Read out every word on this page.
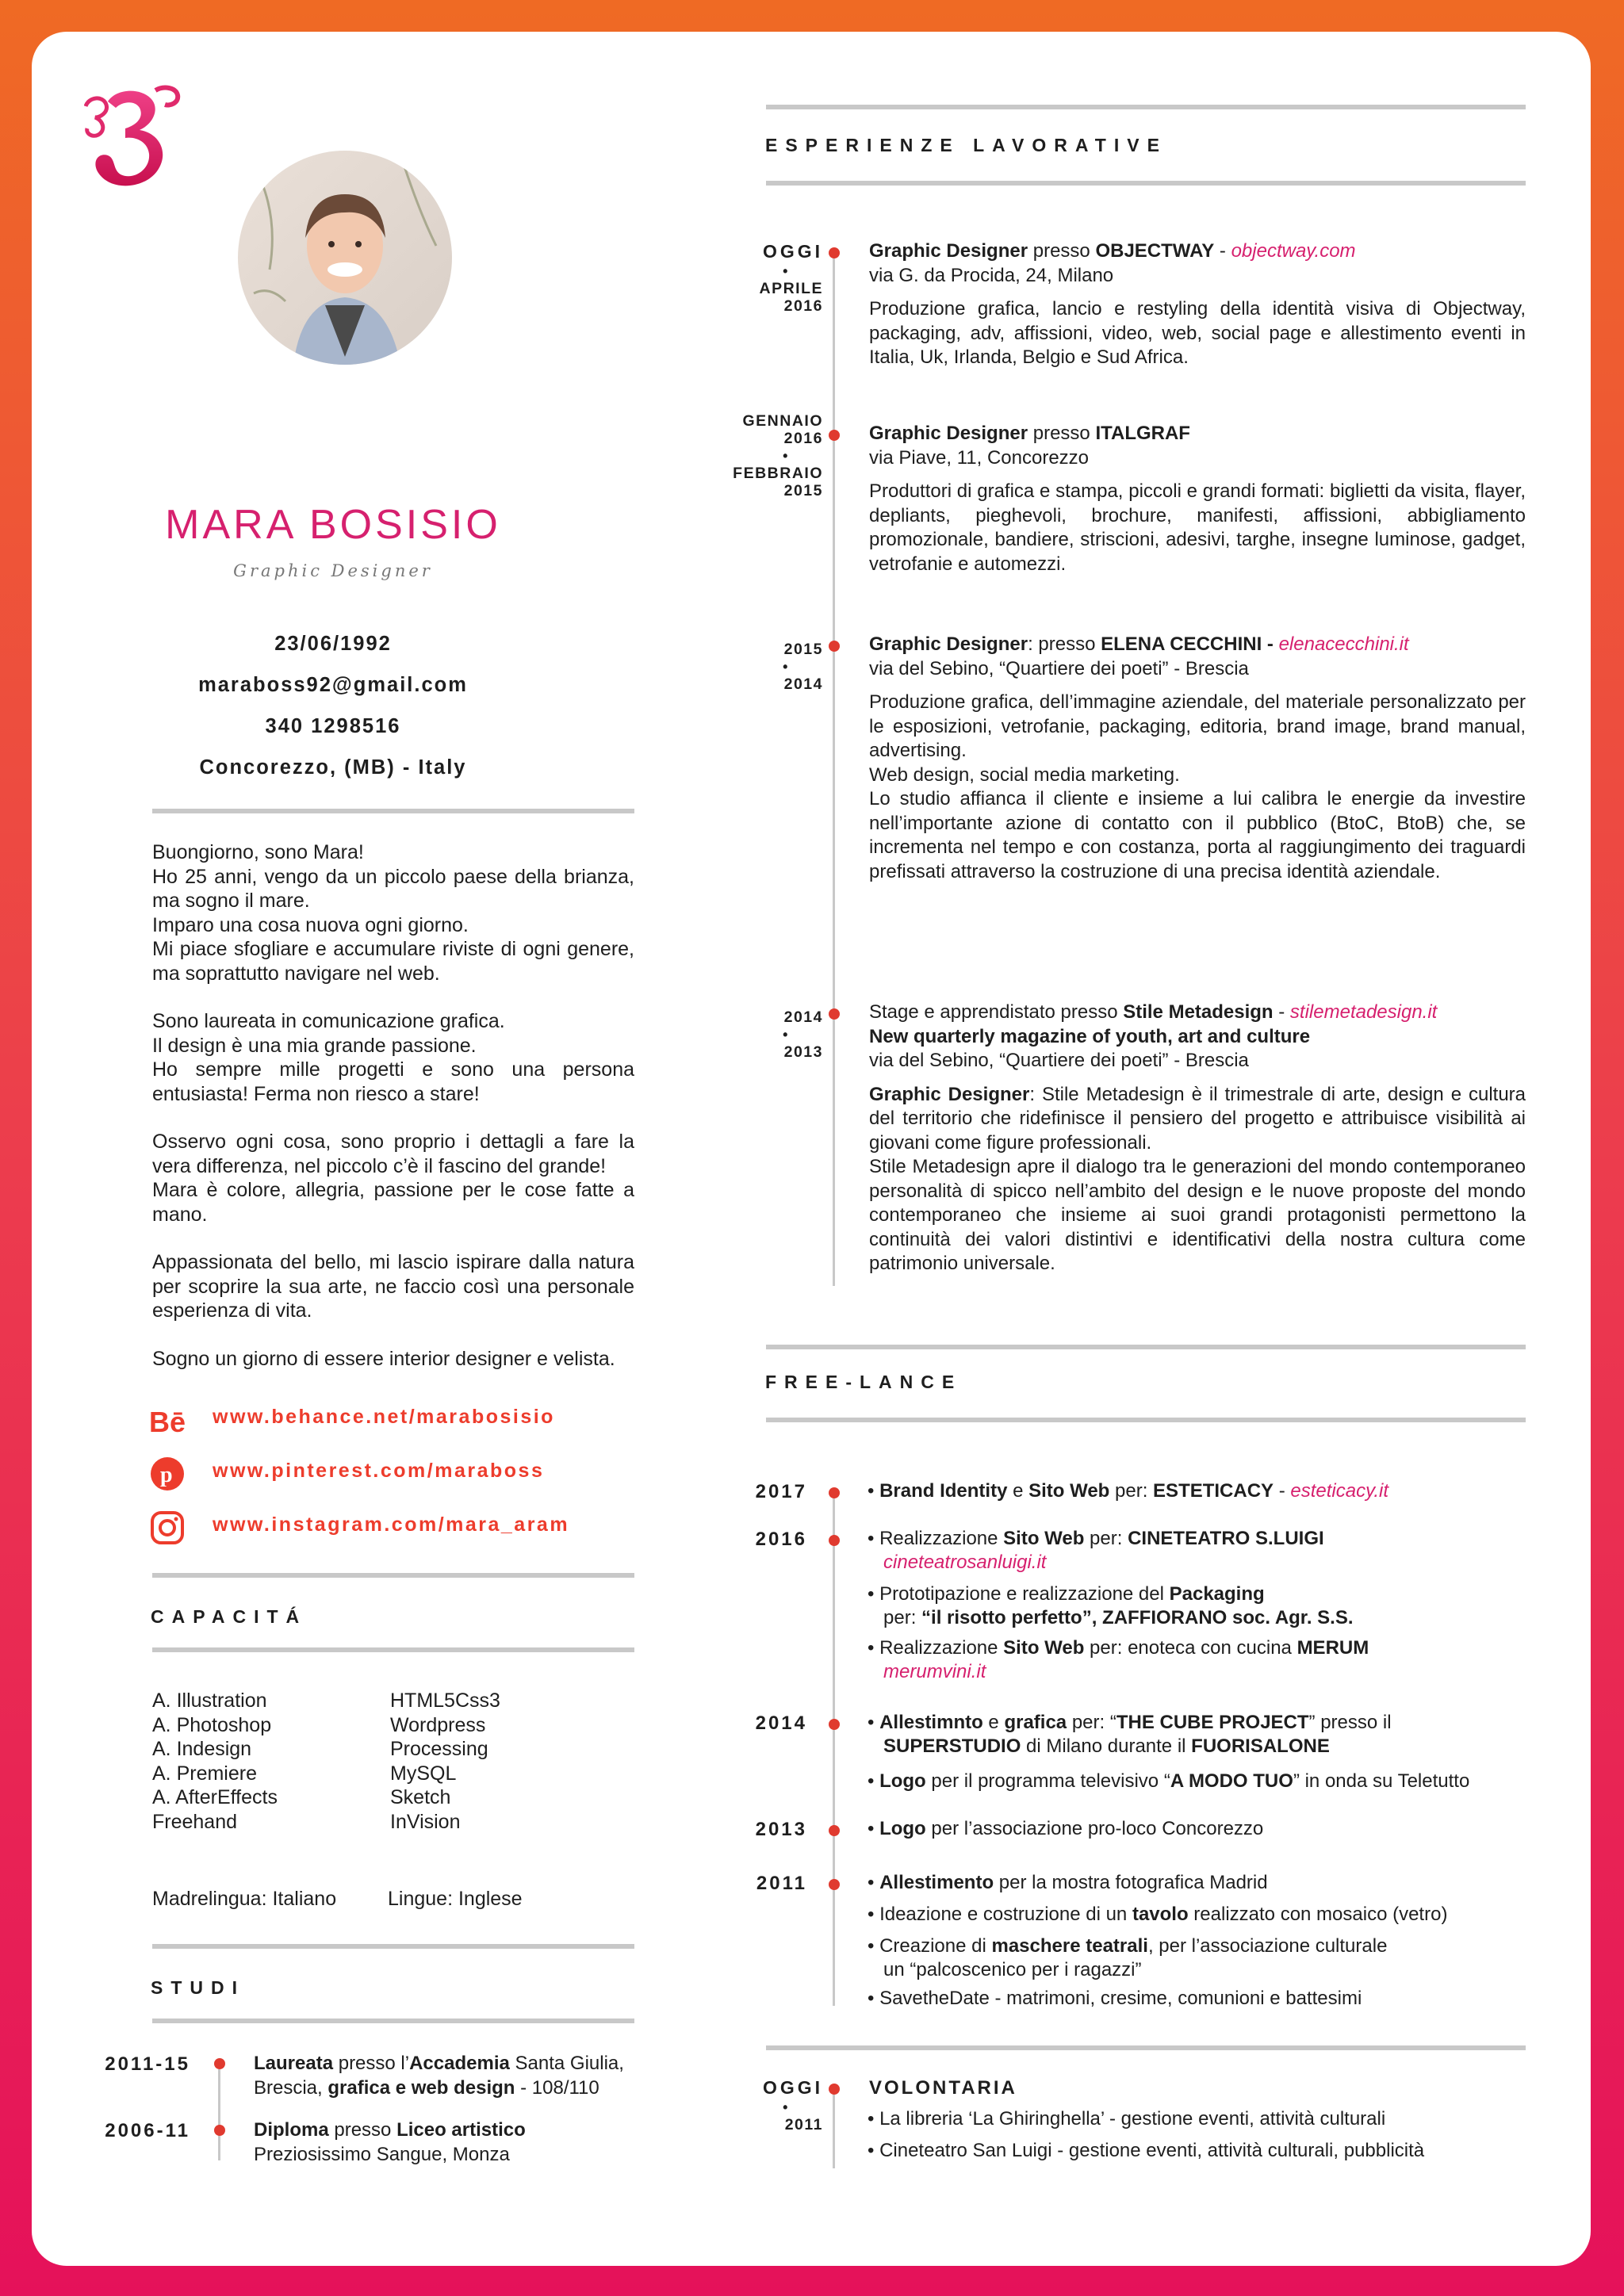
MARA BOSISIO
Graphic Designer
23/06/1992
maraboss92@gmail.com
340 1298516
Concorezzo, (MB) - Italy

Buongiorno, sono Mara!

Ho 25 anni, vengo da un piccolo paese della brianza, ma sogno il mare.

Imparo una cosa nuova ogni giorno.

Mi piace sfogliare e accumulare riviste di ogni genere, ma soprattutto navigare nel web.

Sono laureata in comunicazione grafica.

Il design è una mia grande passione.

Ho sempre mille progetti e sono una persona entusiasta! Ferma non riesco a stare!

Osservo ogni cosa, sono proprio i dettagli a fare la vera differenza, nel piccolo c’è il fascino del grande!

Mara è colore, allegria, passione per le cose fatte a mano.

Appassionata del bello, mi lascio ispirare dalla natura per scoprire la sua arte, ne faccio così una personale esperienza di vita.

Sogno un giorno di essere interior designer e velista.

Bē www.behance.net/marabosisio
p www.pinterest.com/maraboss
www.instagram.com/mara_aram
CAPACITÁ
A. Illustration
A. Photoshop
A. Indesign
A. Premiere
A. AfterEffects
Freehand
HTML5Css3
Wordpress
Processing
MySQL
Sketch
InVision
Madrelingua: Italiano	Lingue: Inglese
STUDI
2011-15	Laureata presso l’Accademia Santa Giulia,
Brescia, grafica e web design - 108/110
2006-11	Diploma presso Liceo artistico
Preziosissimo Sangue, Monza
ESPERIENZE LAVORATIVE
OGGI
•
APRILE
2016
Graphic Designer presso OBJECTWAY - objectway.com
via G. da Procida, 24, Milano
Produzione grafica, lancio e restyling della identità visiva di Objectway, packaging, adv, affissioni, video, web, social page e allestimento eventi in Italia, Uk, Irlanda, Belgio e Sud Africa.
GENNAIO
2016
•
FEBBRAIO
2015
Graphic Designer presso ITALGRAF
via Piave, 11, Concorezzo
Produttori di grafica e stampa, piccoli e grandi formati: biglietti da visita, flayer, depliants, pieghevoli, brochure, manifesti, affissioni, abbigliamento promozionale, bandiere, striscioni, adesivi, targhe, insegne luminose, gadget, vetrofanie e automezzi.
2015
•
2014
Graphic Designer: presso ELENA CECCHINI - elenacecchini.it
via del Sebino, “Quartiere dei poeti” - Brescia
Produzione grafica, dell’immagine aziendale, del materiale personalizzato per le esposizioni, vetrofanie, packaging, editoria, brand image, brand manual, advertising.
Web design, social media marketing.
Lo studio affianca il cliente e insieme a lui calibra le energie da investire nell’importante azione di contatto con il pubblico (BtoC, BtoB) che, se incrementa nel tempo e con costanza, porta al raggiungimento dei traguardi prefissati attraverso la costruzione di una precisa identità aziendale.
2014
•
2013
Stage e apprendistato presso Stile Metadesign - stilemetadesign.it
New quarterly magazine of youth, art and culture
via del Sebino, “Quartiere dei poeti” - Brescia
Graphic Designer: Stile Metadesign è il trimestrale di arte, design e cultura del territorio che ridefinisce il pensiero del progetto e attribuisce visibilità ai giovani come figure professionali.
Stile Metadesign apre il dialogo tra le generazioni del mondo contemporaneo personalità di spicco nell’ambito del design e le nuove proposte del mondo contemporaneo che insieme ai suoi grandi protagonisti permettono la continuità dei valori distintivi e identificativi della nostra cultura come patrimonio universale.
FREE-LANCE
2017	• Brand Identity e Sito Web per: ESTETICACY - esteticacy.it
2016	• Realizzazione Sito Web per: CINETEATRO S.LUIGI
cineteatrosanluigi.it
• Prototipazione e realizzazione del Packaging
per: “il risotto perfetto”, ZAFFIORANO soc. Agr. S.S.
• Realizzazione Sito Web per: enoteca con cucina MERUM
merumvini.it
2014	• Allestimnto e grafica per: “THE CUBE PROJECT” presso il
SUPERSTUDIO di Milano durante il FUORISALONE
• Logo per il programma televisivo “A MODO TUO” in onda su Teletutto
2013	• Logo per l’associazione pro-loco Concorezzo
2011	• Allestimento per la mostra fotografica Madrid
• Ideazione e costruzione di un tavolo realizzato con mosaico (vetro)
• Creazione di maschere teatrali, per l’associazione culturale
un “palcoscenico per i ragazzi”
• SavetheDate - matrimoni, cresime, comunioni e battesimi
OGGI
•
2011
VOLONTARIA
• La libreria ‘La Ghiringhella’ - gestione eventi, attività culturali
• Cineteatro San Luigi - gestione eventi, attività culturali, pubblicità
